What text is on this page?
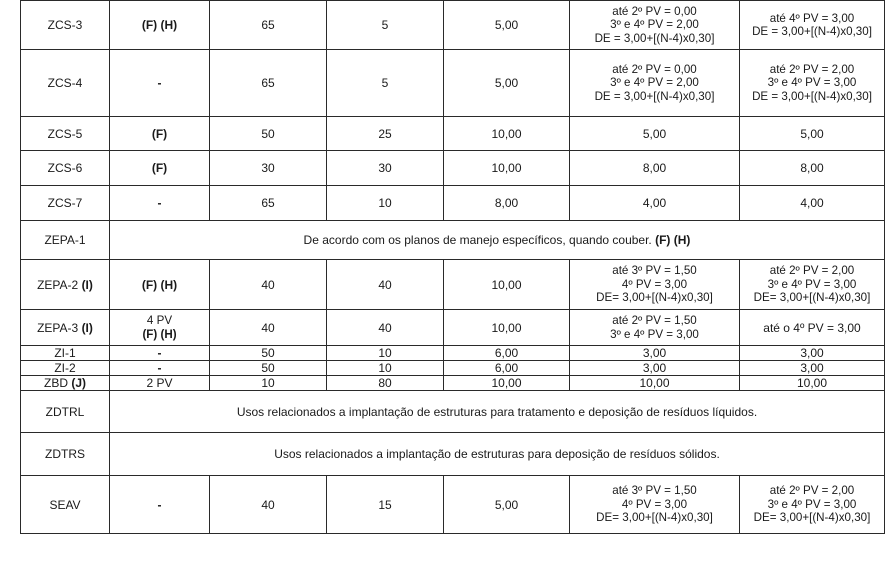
ZCS-3	(F) (H)	65	5	5,00	até 2º PV = 0,00
3º e 4º PV = 2,00
DE = 3,00+[(N-4)x0,30]	até 4º PV = 3,00
DE = 3,00+[(N-4)x0,30]

ZCS-4	-	65	5	5,00	até 2º PV = 0,00
3º e 4º PV = 2,00
DE = 3,00+[(N-4)x0,30]	até 2º PV = 2,00
3º e 4º PV = 3,00
DE = 3,00+[(N-4)x0,30]

ZCS-5	(F)	50	25	10,00	5,00	5,00
ZCS-6	(F)	30	30	10,00	8,00	8,00
ZCS-7	-	65	10	8,00	4,00	4,00
ZEPA-1	De acordo com os planos de manejo específicos, quando couber. (F) (H)					
ZEPA-2 (I)	(F) (H)	40	40	10,00	até 3º PV = 1,50
4º PV = 3,00
DE= 3,00+[(N-4)x0,30]	até 2º PV = 2,00
3º e 4º PV = 3,00
DE= 3,00+[(N-4)x0,30]

ZEPA-3 (I)	4 PV
(F) (H)	40	40	10,00	até 2º PV = 1,50
3º e 4º PV = 3,00	até o 4º PV = 3,00
ZI-1	-	50	10	6,00	3,00	3,00
ZI-2	-	50	10	6,00	3,00	3,00
ZBD (J)	2 PV	10	80	10,00	10,00	10,00
ZDTRL	Usos relacionados a implantação de estruturas para tratamento e deposição de resíduos líquidos.					
ZDTRS	Usos relacionados a implantação de estruturas para deposição de resíduos sólidos.					
SEAV	-	40	15	5,00	até 3º PV = 1,50
4º PV = 3,00
DE= 3,00+[(N-4)x0,30]	até 2º PV = 2,00
3º e 4º PV = 3,00
DE= 3,00+[(N-4)x0,30]
